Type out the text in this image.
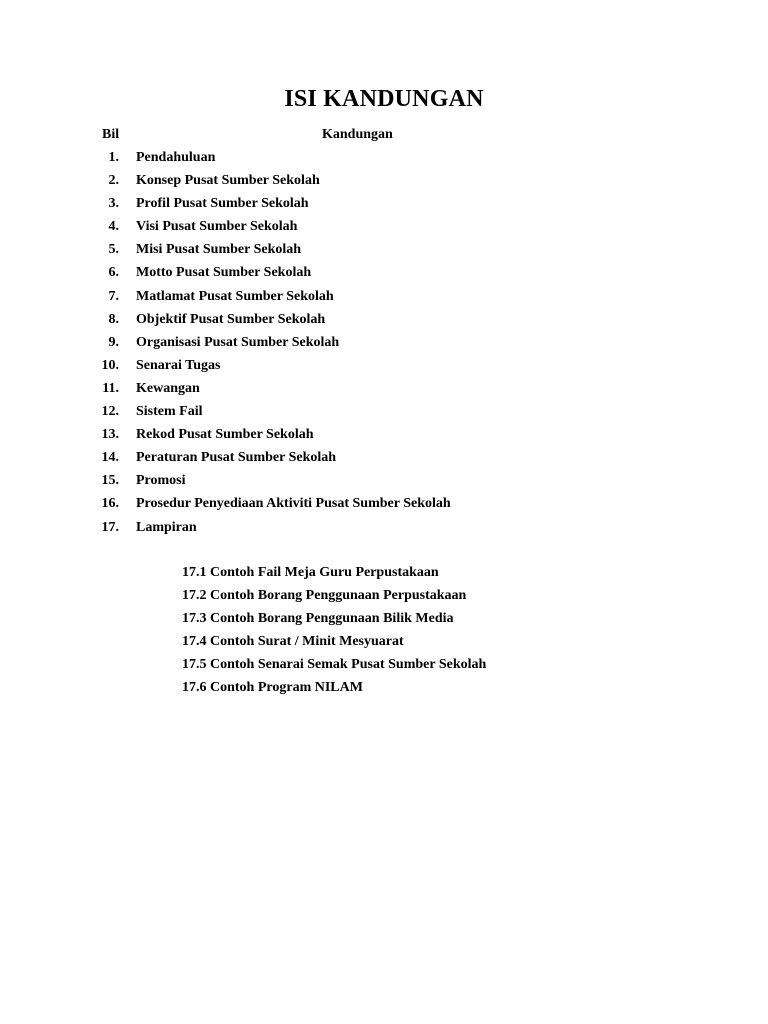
ISI KANDUNGAN
Bil	Kandungan
1. Pendahuluan
2. Konsep Pusat Sumber Sekolah
3. Profil Pusat Sumber Sekolah
4. Visi Pusat Sumber Sekolah
5. Misi Pusat Sumber Sekolah
6. Motto Pusat Sumber Sekolah
7. Matlamat Pusat Sumber Sekolah
8. Objektif Pusat Sumber Sekolah
9. Organisasi Pusat Sumber Sekolah
10. Senarai Tugas
11. Kewangan
12. Sistem Fail
13. Rekod Pusat Sumber Sekolah
14. Peraturan Pusat Sumber Sekolah
15. Promosi
16. Prosedur Penyediaan Aktiviti Pusat Sumber Sekolah
17. Lampiran
17.1 Contoh Fail Meja Guru Perpustakaan
17.2 Contoh Borang Penggunaan Perpustakaan
17.3 Contoh Borang Penggunaan Bilik Media
17.4 Contoh Surat / Minit Mesyuarat
17.5 Contoh Senarai Semak Pusat Sumber Sekolah
17.6 Contoh Program NILAM
